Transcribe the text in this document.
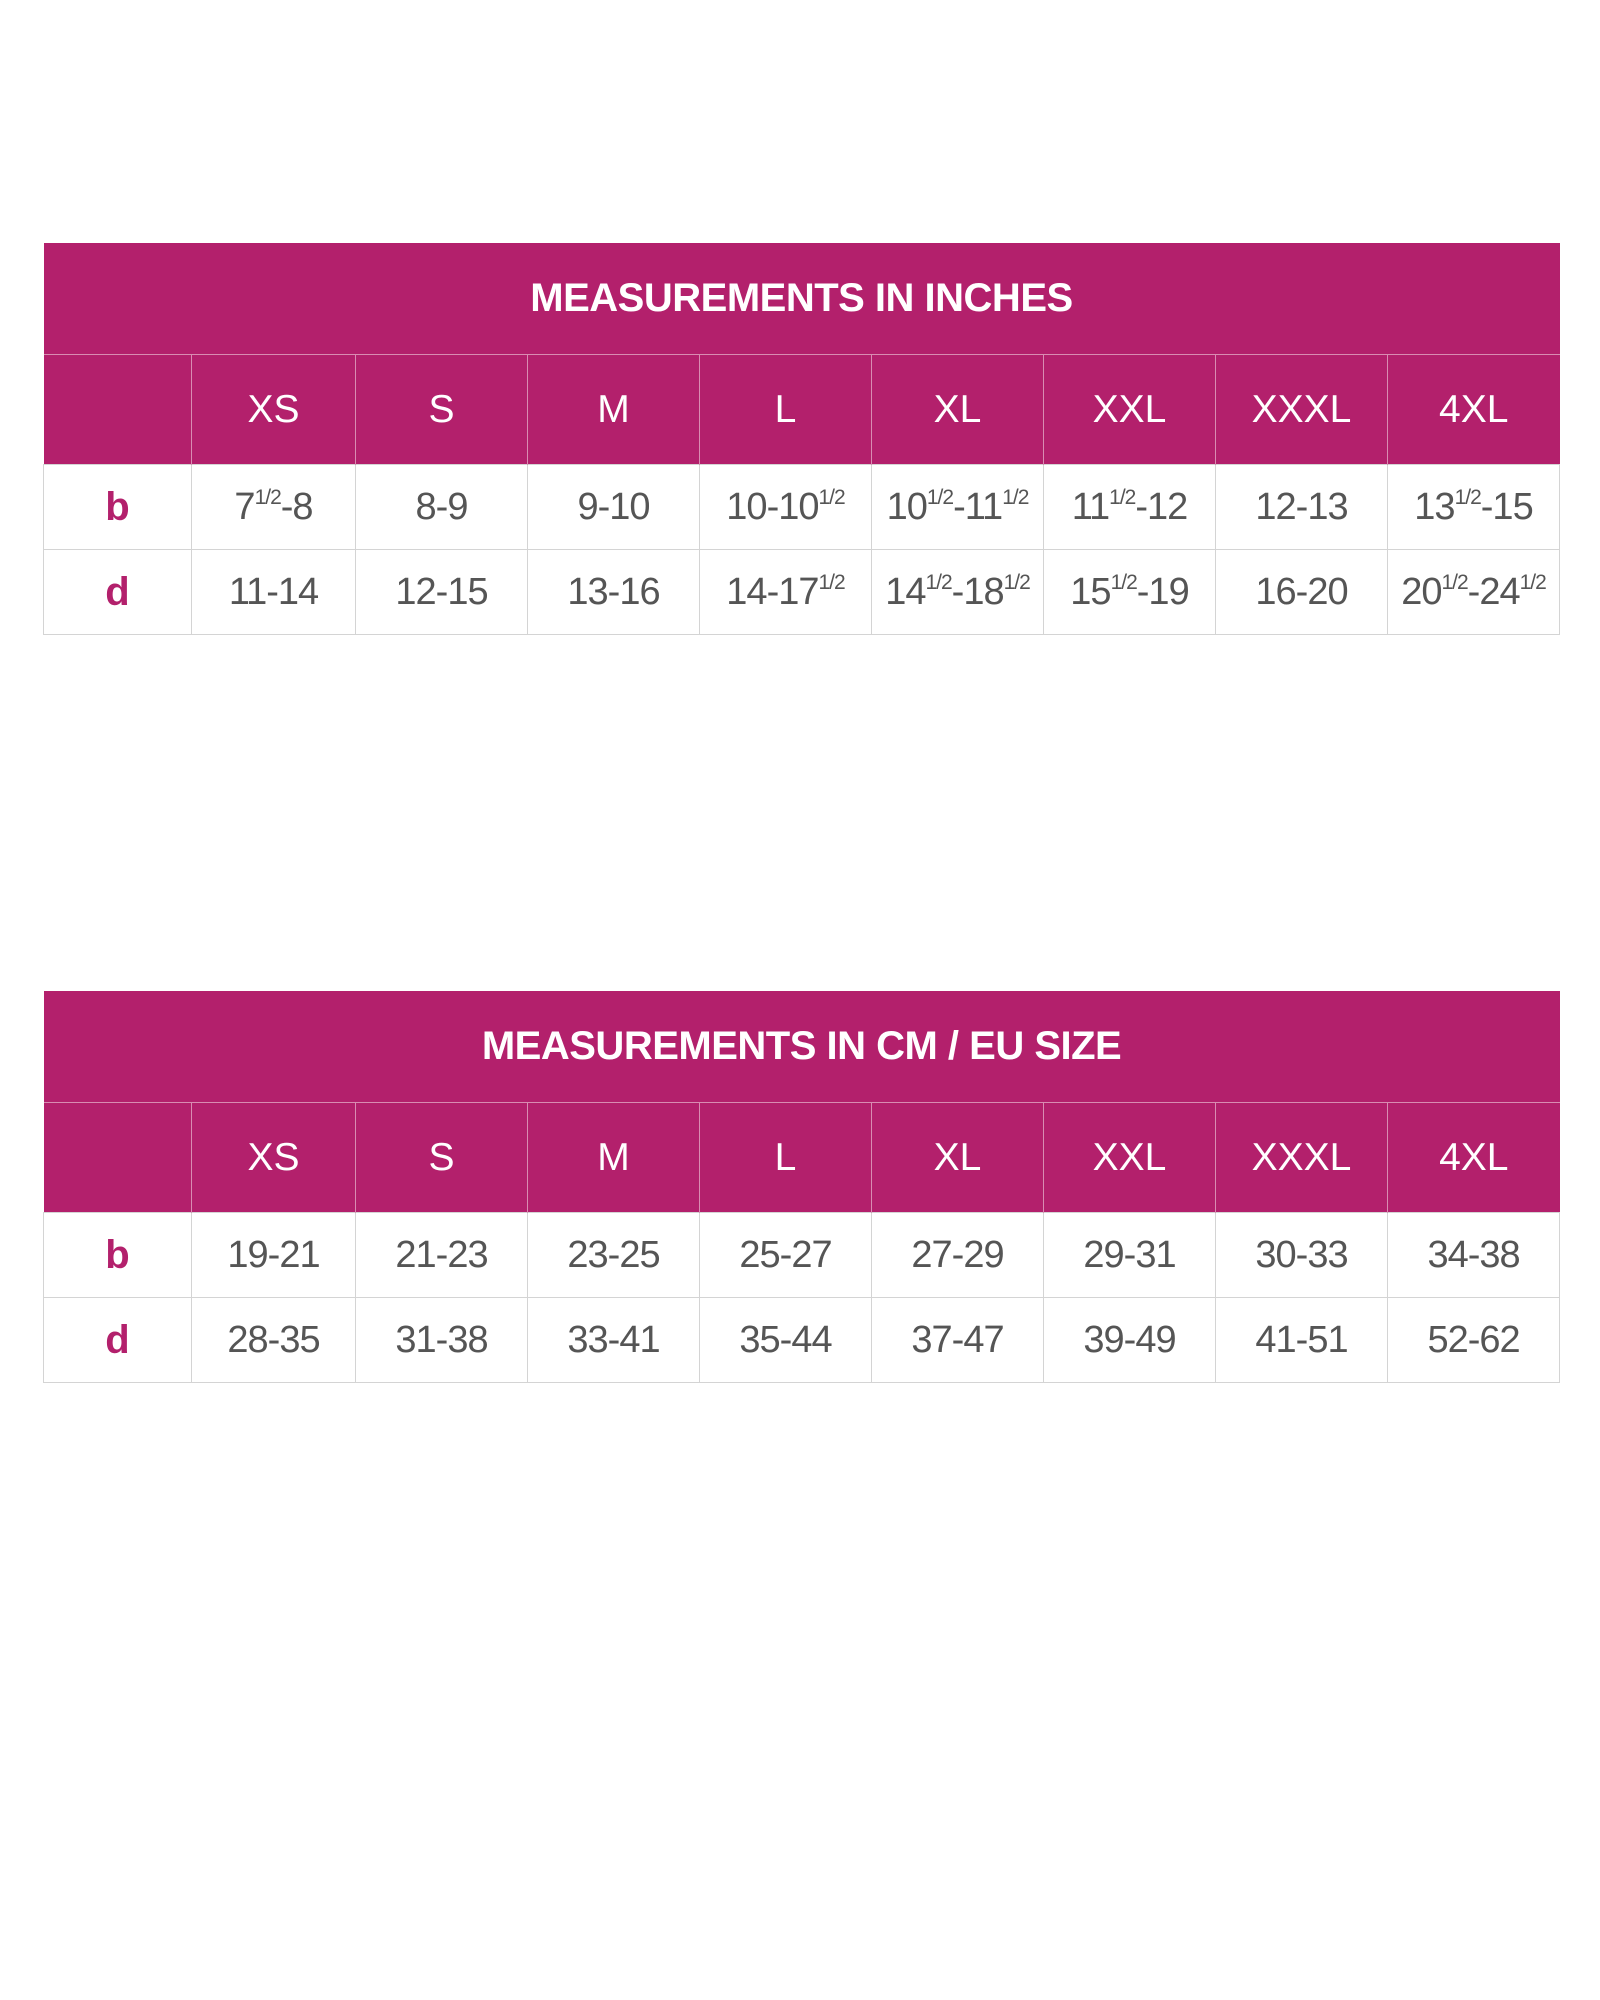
MEASUREMENTS IN INCHES								
	XS	S	M	L	XL	XXL	XXXL	4XL
b	$7^{1/2}-8$	8-9	9-10	$10-10^{1/2}$	$10^{1/2}-11^{1/2}$	$11^{1/2}-12$	12-13	$13^{1/2}-15$
d	11-14	12-15	13-16	$14-17^{1/2}$	$14^{1/2}-18^{1/2}$	$15^{1/2}-19$	16-20	$20^{1/2}-24^{1/2}$
MEASUREMENTS IN CM / EU SIZE								
	XS	S	M	L	XL	XXL	XXXL	4XL
b	19-21	21-23	23-25	25-27	27-29	29-31	30-33	34-38
d	28-35	31-38	33-41	35-44	37-47	39-49	41-51	52-62
